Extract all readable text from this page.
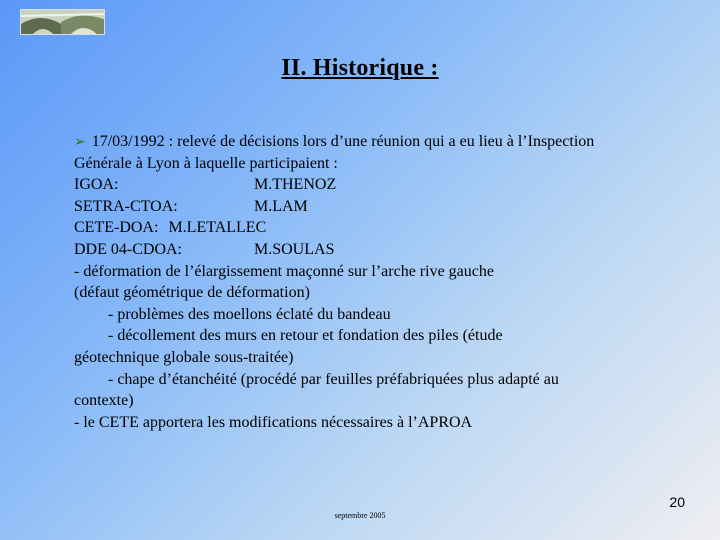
II. Historique :
➢ 17/03/1992 : relevé de décisions lors d’une réunion qui a eu lieu à l’Inspection
Générale à Lyon à laquelle participaient :
IGOA:	M.THENOZ
SETRA-CTOA:	M.LAM
CETE-DOA: M.LETALLEC
DDE 04-CDOA:	M.SOULAS
- déformation de l’élargissement maçonné sur l’arche rive gauche
(défaut géométrique de déformation)
- problèmes des moellons éclaté du bandeau
- décollement des murs en retour et fondation des piles (étude
géotechnique globale sous-traitée)
- chape d’étanchéité (procédé par feuilles préfabriquées plus adapté au
contexte)
- le CETE apportera les modifications nécessaires à l’APROA
20
septembre 2005
